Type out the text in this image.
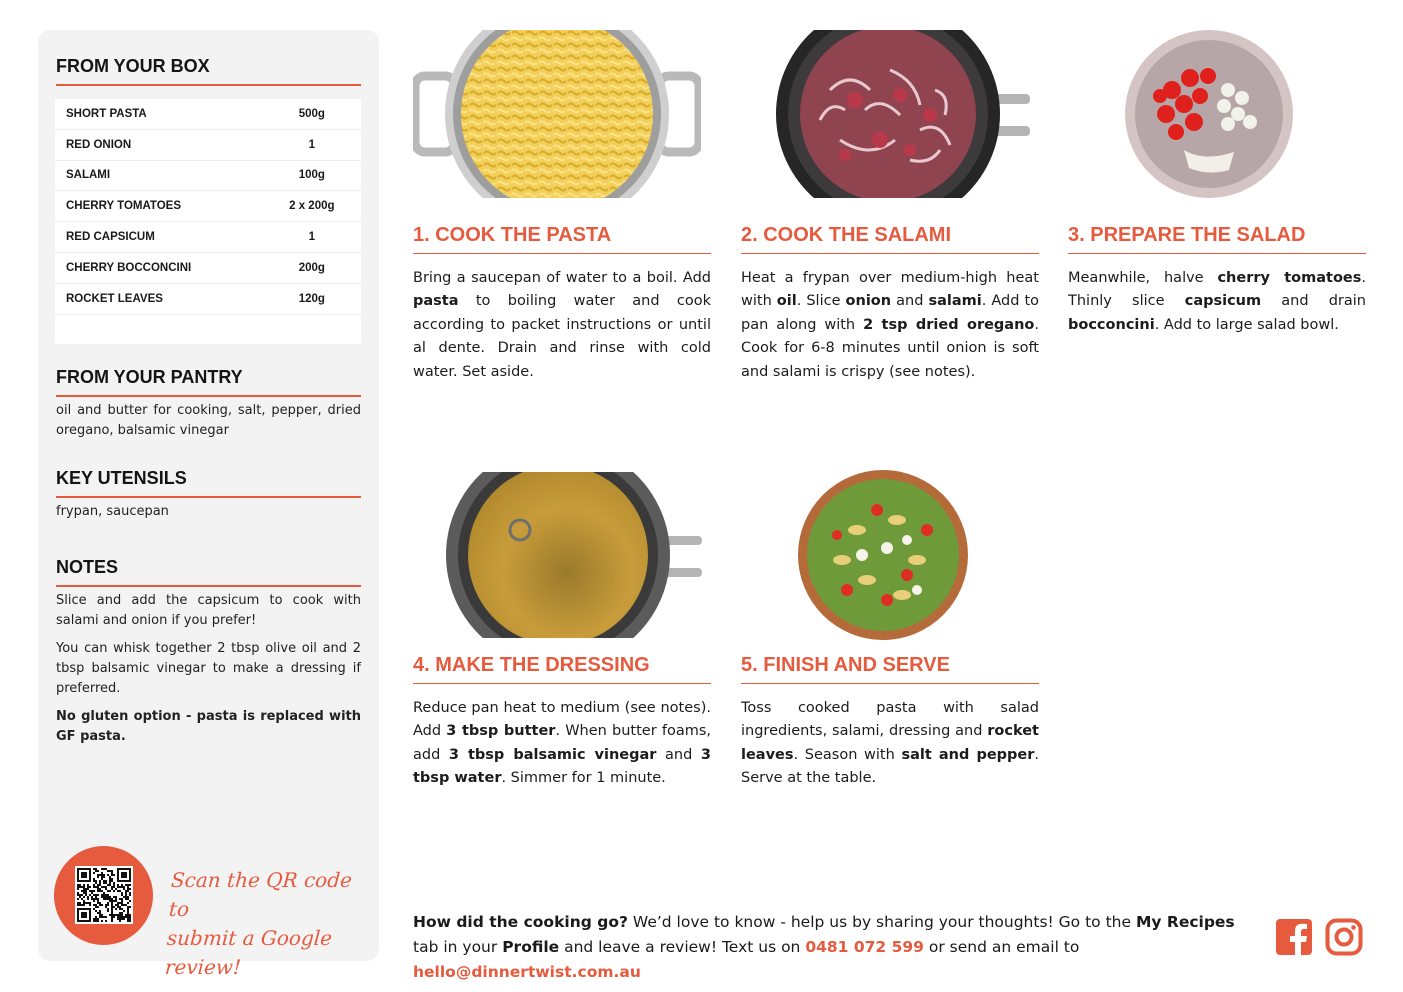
FROM YOUR BOX
SHORT PASTA	500g
RED ONION	1
SALAMI	100g
CHERRY TOMATOES	2 x 200g
RED CAPSICUM	1
CHERRY BOCCONCINI	200g
ROCKET LEAVES	120g
FROM YOUR PANTRY
oil and butter for cooking, salt, pepper, dried oregano, balsamic vinegar
KEY UTENSILS
frypan, saucepan
NOTES

Slice and add the capsicum to cook with salami and onion if you prefer!

You can whisk together 2 tbsp olive oil and 2 tbsp balsamic vinegar to make a dressing if preferred.

No gluten option - pasta is replaced with GF pasta.

Scan the QR code to
submit a Google review!
1. COOK THE PASTA
Bring a saucepan of water to a boil. Add pasta to boiling water and cook according to packet instructions or until al dente. Drain and rinse with cold water. Set aside.
2. COOK THE SALAMI
Heat a frypan over medium-high heat with oil. Slice onion and salami. Add to pan along with 2 tsp dried oregano. Cook for 6-8 minutes until onion is soft and salami is crispy (see notes).
3. PREPARE THE SALAD
Meanwhile, halve cherry tomatoes. Thinly slice capsicum and drain bocconcini. Add to large salad bowl.
4. MAKE THE DRESSING
Reduce pan heat to medium (see notes). Add 3 tbsp butter. When butter foams, add 3 tbsp balsamic vinegar and 3 tbsp water. Simmer for 1 minute.
5. FINISH AND SERVE
Toss cooked pasta with salad ingredients, salami, dressing and rocket leaves. Season with salt and pepper. Serve at the table.
How did the cooking go? We’d love to know - help us by sharing your thoughts! Go to the My Recipes tab in your Profile and leave a review! Text us on 0481 072 599 or send an email to hello@dinnertwist.com.au
